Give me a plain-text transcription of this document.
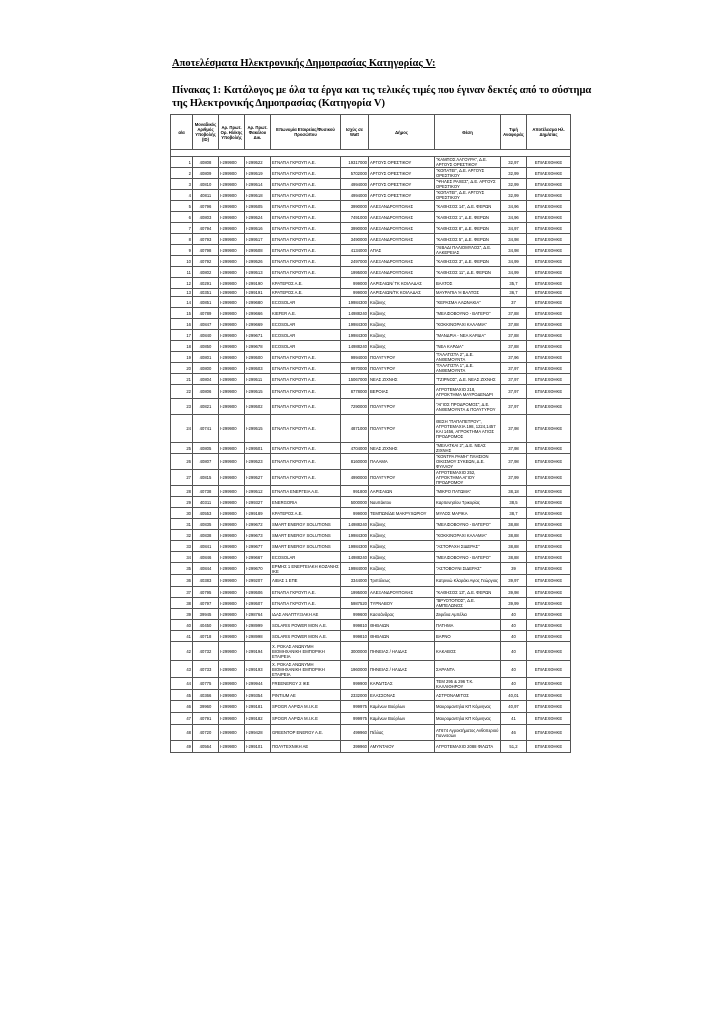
Αποτελέσματα Ηλεκτρονικής Δημοπρασίας Κατηγορίας V:
Πίνακας 1: Κατάλογος με όλα τα έργα και τις τελικές τιμές που έγιναν δεκτές από το σύστημα της Ηλεκτρονικής Δημοπρασίας (Κατηγορία V)
α/α	Μοναδικός Αριθμός Υποβολής (ID)	Αρ. Πρωτ. Ορ. Ηλ/κης Υποβολής	Αρ. Πρωτ. Φακέλου Δικ.	Επωνυμία Εταιρείας/Φυσικού Προσώπου	Ισχύς σε Watt	Δήμος	Θέση	Τιμή Αναφοράς	Αποτέλεσμα Ηλ. Δημ/σίας

1	40808	I-299900	I-299522	ΕΓΝΑΤΙΑ ΓΚΡΟΥΠ Α.Ε.	19317000	ΑΡΓΟΥΣ ΟΡΕΣΤΙΚΟΥ	"ΚΑΜΠΟΣ ΛΑΓΟΥΡΑ", Δ.Ε. ΑΡΓΟΥΣ ΟΡΕΣΤΙΚΟΥ	32,97	ΕΠΙΛΕΧΘΗΚΕ
2	40809	I-299900	I-299519	ΕΓΝΑΤΙΑ ΓΚΡΟΥΠ Α.Ε.	5702000	ΑΡΓΟΥΣ ΟΡΕΣΤΙΚΟΥ	"ΚΟΠΑΤΕΙ", Δ.Ε. ΑΡΓΟΥΣ ΟΡΕΣΤΙΚΟΥ	32,99	ΕΠΙΛΕΧΘΗΚΕ
3	40810	I-299900	I-299514	ΕΓΝΑΤΙΑ ΓΚΡΟΥΠ Α.Ε.	4994000	ΑΡΓΟΥΣ ΟΡΕΣΤΙΚΟΥ	"ΨΗΛΕΣ ΡΑΧΕΣ", Δ.Ε. ΑΡΓΟΥΣ ΟΡΕΣΤΙΚΟΥ	32,99	ΕΠΙΛΕΧΘΗΚΕ
4	40811	I-299900	I-299518	ΕΓΝΑΤΙΑ ΓΚΡΟΥΠ Α.Ε.	4994000	ΑΡΓΟΥΣ ΟΡΕΣΤΙΚΟΥ	"ΚΟΠΑΤΕΙ", Δ.Ε. ΑΡΓΟΥΣ ΟΡΕΣΤΙΚΟΥ	32,99	ΕΠΙΛΕΧΘΗΚΕ
5	40796	I-299900	I-299505	ΕΓΝΑΤΙΑ ΓΚΡΟΥΠ Α.Ε.	3990000	ΑΛΕΞΑΝΔΡΟΥΠΟΛΗΣ	"ΚΑΘΗΣΟΣ 14", Δ.Ε. ΦΕΡΩΝ	34,96	ΕΠΙΛΕΧΘΗΚΕ
6	40803	I-299900	I-299524	ΕΓΝΑΤΙΑ ΓΚΡΟΥΠ Α.Ε.	7491000	ΑΛΕΞΑΝΔΡΟΥΠΟΛΗΣ	"ΚΑΘΗΣΟΣ 1", Δ.Ε. ΦΕΡΩΝ	34,96	ΕΠΙΛΕΧΘΗΚΕ
7	40794	I-299900	I-299516	ΕΓΝΑΤΙΑ ΓΚΡΟΥΠ Α.Ε.	3990000	ΑΛΕΞΑΝΔΡΟΥΠΟΛΗΣ	"ΚΑΘΗΣΟΣ 8", Δ.Ε. ΦΕΡΩΝ	34,97	ΕΠΙΛΕΧΘΗΚΕ
8	40793	I-299900	I-299517	ΕΓΝΑΤΙΑ ΓΚΡΟΥΠ Α.Ε.	3490000	ΑΛΕΞΑΝΔΡΟΥΠΟΛΗΣ	"ΚΑΘΗΣΟΣ 5", Δ.Ε. ΦΕΡΩΝ	34,98	ΕΠΙΛΕΧΘΗΚΕ
9	40798	I-299900	I-299508	ΕΓΝΑΤΙΑ ΓΚΡΟΥΠ Α.Ε.	4134000	ΑΠΑΣ	"ΛΙΒΑΔΙ ΠΑΛΙΟΜΥΛΟΣ", Δ.Ε. ΛΑΚΕΡΕΙΑΣ	34,98	ΕΠΙΛΕΧΘΗΚΕ
10	40792	I-299900	I-299526	ΕΓΝΑΤΙΑ ΓΚΡΟΥΠ Α.Ε.	2497000	ΑΛΕΞΑΝΔΡΟΥΠΟΛΗΣ	"ΚΑΘΗΣΟΣ 3", Δ.Ε. ΦΕΡΩΝ	34,99	ΕΠΙΛΕΧΘΗΚΕ
11	40802	I-299900	I-299513	ΕΓΝΑΤΙΑ ΓΚΡΟΥΠ Α.Ε.	1995000	ΑΛΕΞΑΝΔΡΟΥΠΟΛΗΣ	"ΚΑΘΗΣΟΣ 11", Δ.Ε. ΦΕΡΩΝ	34,99	ΕΠΙΛΕΧΘΗΚΕ
12	40291	I-299900	I-299190	ΚΡΑΤΕΡΟΣ Α.Ε.	999000	ΛΑΡΙΣΑΙΩΝ/ ΤΚ ΚΟΙΛΑΔΑΣ	ΒΑΛΤΟΣ	35,7	ΕΠΙΛΕΧΘΗΚΕ
13	40351	I-299900	I-299191	ΚΡΑΤΕΡΟΣ Α.Ε.	999000	ΛΑΡΙΣΑΙΩΝ/ΤΚ ΚΟΙΛΑΔΑΣ	ΜΑΥΡΑΠΙΑ Ή ΒΑΛΤΟΣ	36,7	ΕΠΙΛΕΧΘΗΚΕ
14	40851	I-299900	I-299680	ECOSOLAR	19984300	Κοζάνης	"ΚΕΡΑΣΜΑ ΑΛΩΝΑΚΙΑ"	37	ΕΠΙΛΕΧΘΗΚΕ
15	40789	I-299900	I-299666	KIEFER A.E.	14988240	Κοζάνης	"ΜΕΛΙΣΟΒΟΥΝΟ - ΒΑΤΕΡΟ"	37,88	ΕΠΙΛΕΧΘΗΚΕ
16	40847	I-299900	I-299669	ECOSOLAR	19984300	Κοζάνης	"ΚΟΚΚΙΝΟΡΑΧΙ ΚΑΛΑΜΙΑ"	37,88	ΕΠΙΛΕΧΘΗΚΕ
17	40840	I-299900	I-299671	ECOSOLAR	19984300	Κοζάνης	"ΜΑΝΔΡΙΑ - ΝΕΑ ΚΑΡΔΙΑ"	37,88	ΕΠΙΛΕΧΘΗΚΕ
18	40850	I-299900	I-299678	ECOSOLAR	14988240	Κοζάνης	"ΝΕΑ ΚΑΡΔΙΑ"	37,88	ΕΠΙΛΕΧΘΗΚΕ
19	40801	I-299900	I-299500	ΕΓΝΑΤΙΑ ΓΚΡΟΥΠ Α.Ε.	9994000	ΠΟΛΥΓΥΡΟΥ	"ΓΑΛΑΤΙΣΤΑ 2", Δ.Ε. ΑΝΘΕΜΟΥΝΤΑ	37,96	ΕΠΙΛΕΧΘΗΚΕ
20	40800	I-299900	I-299503	ΕΓΝΑΤΙΑ ΓΚΡΟΥΠ Α.Ε.	9970000	ΠΟΛΥΓΥΡΟΥ	"ΓΑΛΑΤΙΣΤΑ 1", Δ.Ε. ΑΝΘΕΜΟΥΝΤΑ	37,97	ΕΠΙΛΕΧΘΗΚΕ
21	40804	I-299900	I-299511	ΕΓΝΑΤΙΑ ΓΚΡΟΥΠ Α.Ε.	15067000	ΝΕΑΣ ΖΙΧΝΗΣ	"ΤΖΙΡΝΟΣ", Δ.Ε. ΝΕΑΣ ΖΙΧΝΗΣ	37,97	ΕΠΙΛΕΧΘΗΚΕ
22	40806	I-299900	I-299515	ΕΓΝΑΤΙΑ ΓΚΡΟΥΠ Α.Ε.	8778000	ΒΕΡΟΙΑΣ	ΑΓΡΟΤΕΜΑΧΙΟ 218, ΑΓΡΟΚΤΗΜΑ ΜΑΥΡΟΔΕΝΔΡΙ	37,97	ΕΠΙΛΕΧΘΗΚΕ
23	40821	I-299900	I-299502	ΕΓΝΑΤΙΑ ΓΚΡΟΥΠ Α.Ε.	7290000	ΠΟΛΥΓΥΡΟΥ	"ΑΓΙΟΣ ΠΡΟΔΡΟΜΟΣ", Δ.Ε. ΑΝΘΕΜΟΥΝΤΑ & ΠΟΛΥΓΥΡΟΥ	37,97	ΕΠΙΛΕΧΘΗΚΕ
24	40741	I-299900	I-299515	ΕΓΝΑΤΙΑ ΓΚΡΟΥΠ Α.Ε.	4871000	ΠΟΛΥΓΥΡΟΥ	ΘΕΣΗ "ΠΑΠΑΠΕΤΡΟΥ", ΑΓΡΟΤΕΜΑΧΙΑ 198, 1224,1457 ΚΑΙ 1456, ΑΓΡΟΚΤΗΜΑ ΑΓΙΟΣ ΠΡΟΔΡΟΜΟΣ	37,98	ΕΠΙΛΕΧΘΗΚΕ
25	40805	I-299900	I-299501	ΕΓΝΑΤΙΑ ΓΚΡΟΥΠ Α.Ε.	4704000	ΝΕΑΣ ΖΙΧΝΗΣ	"ΜΕΛΑΤΚΑΙ 2", Δ.Ε. ΝΕΑΣ ΖΙΧΝΗΣ	37,98	ΕΠΙΛΕΧΘΗΚΕ
26	40807	I-299900	I-299523	ΕΓΝΑΤΙΑ ΓΚΡΟΥΠ Α.Ε.	8160000	ΠΑΛΑΜΑ	"ΚΟΝΤΡΑ ΡΑΜΗ" ΠΛΗΣΙΟΝ ΟΙΚΙΣΜΟΥ ΣΥΚΕΩΝ, Δ.Ε. ΦΥΛΛΟΥ	37,98	ΕΠΙΛΕΧΘΗΚΕ
27	40815	I-299900	I-299527	ΕΓΝΑΤΙΑ ΓΚΡΟΥΠ Α.Ε.	4990000	ΠΟΛΥΓΥΡΟΥ	ΑΓΡΟΤΕΜΑΧΙΟ 252, ΑΓΡΟΚΤΗΜΑ ΑΓΙΟΥ ΠΡΟΔΡΟΜΟΥ	37,99	ΕΠΙΛΕΧΘΗΚΕ
28	40738	I-299900	I-299512	ΕΓΝΑΤΙΑ ΕΝΕΡΓΕΙΑ Α.Ε.	991800	ΛΑΡΙΣΑΙΩΝ	"ΜΙΚΡΟ ΠΑΤΩΜΑ"	38,18	ΕΠΙΛΕΧΘΗΚΕ
29	40311	I-299900	I-299327	ENERGORIA	5000000	Ναυπάκτου	Καρπενησίου Τρικορίας	38,5	ΕΠΙΛΕΧΘΗΚΕ
30	40553	I-299900	I-299189	ΚΡΑΤΕΡΟΣ Α.Ε.	999000	ΤΕΜΠΩΝ/ΔΕ ΜΑΚΡΥΧΩΡΙΟΥ	ΜΥΛΟΣ ΜΑΡΙΚΑ	38,7	ΕΠΙΛΕΧΘΗΚΕ
31	40835	I-299900	I-299672	SMART ENERGY SOLUTIONS	14988240	Κοζάνης	"ΜΕΛΙΣΟΒΟΥΝΟ - ΒΑΤΕΡΟ"	38,88	ΕΠΙΛΕΧΘΗΚΕ
32	40838	I-299900	I-299673	SMART ENERGY SOLUTIONS	19984300	Κοζάνης	"ΚΟΚΚΙΝΟΡΑΧΙ ΚΑΛΑΜΙΑ"	38,88	ΕΠΙΛΕΧΘΗΚΕ
33	40841	I-299900	I-299677	SMART ENERGY SOLUTIONS	19984300	Κοζάνης	"ΑΣΤΟΡΑΧΗ ΣΙΔΕΡΑΣ"	38,88	ΕΠΙΛΕΧΘΗΚΕ
34	40846	I-299900	I-299667	ECOSOLAR	14988240	Κοζάνης	"ΜΕΛΙΣΟΒΟΥΝΟ - ΒΑΤΕΡΟ"	38,88	ΕΠΙΛΕΧΘΗΚΕ
35	40844	I-299900	I-299670	ΕΡΜΗΣ 1 ΕΝΕΡΓΕΙΑΚΗ ΚΟΖΑΝΗΣ ΙΚΕ	19984000	Κοζάνης	"ΑΣΤΟΒΟΥΝΙ ΣΙΔΕΡΑΣ"	39	ΕΠΙΛΕΧΘΗΚΕ
36	40383	I-299900	I-299207	ΛΙΒΑΣ 1 ΕΠΕ	3344000	Τριπόλεως	Κατρινιώ Κλαράκι Αγιος Γεώργιος	39,97	ΕΠΙΛΕΧΘΗΚΕ
37	40795	I-299900	I-299506	ΕΓΝΑΤΙΑ ΓΚΡΟΥΠ Α.Ε.	1995000	ΑΛΕΞΑΝΔΡΟΥΠΟΛΗΣ	"ΚΑΘΗΣΟΣ 13", Δ.Ε. ΦΕΡΩΝ	39,98	ΕΠΙΛΕΧΘΗΚΕ
38	40797	I-299900	I-299507	ΕΓΝΑΤΙΑ ΓΚΡΟΥΠ Α.Ε.	5987520	ΤΥΡΝΑΒΟΥ	"ΒΡΥΟΤΟΠΟΣ", Δ.Ε. ΑΜΠΕΛΩΝΟΣ	39,99	ΕΠΙΛΕΧΘΗΚΕ
39	39945	I-299900	I-298764	ΙΔΑΣ ΑΝΑΠΤΥΞΙΑΚΗ ΑΕ	999600	Κασσάνδρας	Ζεφέλια Αμπέλια	40	ΕΠΙΛΕΧΘΗΚΕ
40	40450	I-299900	I-298999	SOLARIS POWER MON A.E.	999810	ΘΗΒΑΙΩΝ	ΠΑΤΗΜΑ	40	ΕΠΙΛΕΧΘΗΚΕ
41	40718	I-299900	I-298998	SOLARIS POWER MON A.E.	999810	ΘΗΒΑΙΩΝ	ΒΑΡΝΟ	40	ΕΠΙΛΕΧΘΗΚΕ
42	40732	I-299900	I-299194	Χ. ΡΟΚΑΣ ΑΝΩΝΥΜΗ ΒΙΟΜΗΧΑΝΙΚΗ ΕΜΠΟΡΙΚΗ ΕΤΑΙΡΕΙΑ	3000000	ΠΗΝΕΙΑΣ / ΗΛΙΔΑΣ	ΚΑΚΑΒΟΣ	40	ΕΠΙΛΕΧΘΗΚΕ
43	40733	I-299900	I-299193	Χ. ΡΟΚΑΣ ΑΝΩΝΥΜΗ ΒΙΟΜΗΧΑΝΙΚΗ ΕΜΠΟΡΙΚΗ ΕΤΑΙΡΕΙΑ	1960000	ΠΗΝΕΙΑΣ / ΗΛΙΔΑΣ	ΣΑΡΑΝΤΑ	40	ΕΠΙΛΕΧΘΗΚΕ
44	40775	I-299900	I-299944	FREENERGY 2 ΙΚΕ	999900	ΚΑΡΔΙΤΣΑΣ	ΤΕΜ 295 & 296 Τ.Κ. ΚΑΛΛΙΘΗΡΟΥ	40	ΕΠΙΛΕΧΘΗΚΕ
45	40366	I-299900	I-299354	PINTIUM AE	2332000	ΕΛΑΣΣΟΝΑΣ	ΑΣΤΡΟΝΑΜΙΤΟΣ	40,01	ΕΠΙΛΕΧΘΗΚΕ
46	39960	I-299900	I-299181	SPOGR ΛΑΡΙΣΑ Μ.Ι.Κ.Ε	999975	Καμένων Βούρλων	Μαυρομαντηλα ΚΠ Κόμνηνας	40,97	ΕΠΙΛΕΧΘΗΚΕ
47	40791	I-299900	I-299182	SPOGR ΛΑΡΙΣΑ Μ.Ι.Κ.Ε	999975	Καμένων Βούρλων	Μαυρομαντηλα ΚΠ Κόμνηνας	41	ΕΠΙΛΕΧΘΗΚΕ
48	40720	I-299900	I-299428	GREENTOP ENERGY A.E.	499960	Πέλλας	ΑΤ674 Αγροκτήματος Ανθοπεριού Γιαννιτσών	46	ΕΠΙΛΕΧΘΗΚΕ
49	40564	I-299900	I-299101	ΠΟΛΥΤΕΧΝΙΚΗ ΑΕ	399960	ΑΜΥΝΤΑΙΟΥ	ΑΓΡΟΤΕΜΑΧΙΟ 2088 ΦΙΛΩΤΑ	51,2	ΕΠΙΛΕΧΘΗΚΕ
